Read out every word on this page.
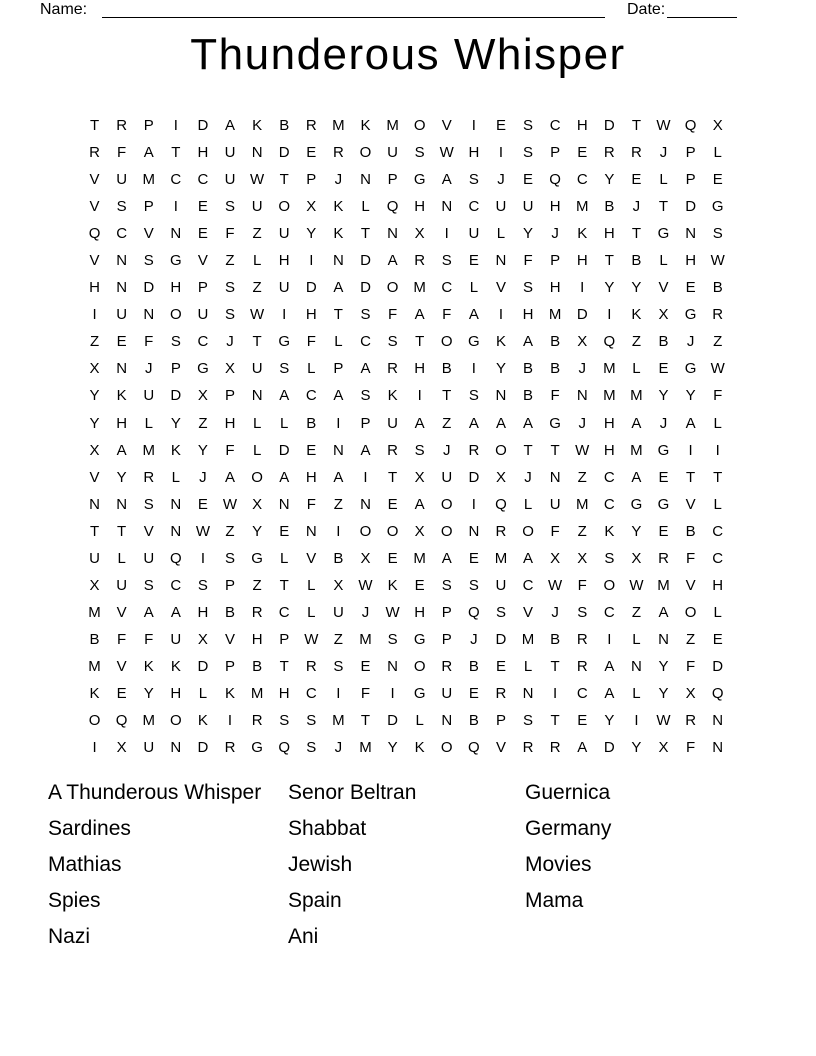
Name:	Date:
Thunderous Whisper
T	R	P	I	D	A	K	B	R	M	K	M	O	V	I	E	S	C	H	D	T	W Q	X
R	F	A	T	H	U	N	D	E	R	O	U	S	W H	I	S	P	E	R	R	J	P	L
V	U	M	C	C	U W	T	P	J	N	P	G	A	S	J	E	Q	C	Y	E	L	P	E
V	S	P	I	E	S	U	O	X	K	L	Q	H	N	C	U	U	H	M	B	J	T	D	G
Q	C	V	N	E	F	Z	U	Y	K	T	N	X	I	U	L	Y	J	K	H	T	G	N	S
V	N	S	G	V	Z	L	H	I	N	D	A	R	S	E	N	F	P	H	T	B	L	H W
H	N	D	H	P	S	Z	U	D	A	D	O	M	C	L	V	S	H	I	Y	Y	V	E	B
I	U	N	O	U	S	W	I	H	T	S	F	A	F	A	I	H	M	D	I	K	X	G	R
Z	E	F	S	C	J	T	G	F	L	C	S	T	O	G	K	A	B	X	Q	Z	B	J	Z
X	N	J	P	G	X	U	S	L	P	A	R	H	B	I	Y	B	B	J	M	L	E	G W
Y	K	U	D	X	P	N	A	C	A	S	K	I	T	S	N	B	F	N	M M	Y	Y	F
Y	H	L	Y	Z	H	L	L	B	I	P	U	A	Z	A	A	A	G	J	H	A	J	A	L
X	A	M	K	Y	F	L	D	E	N	A	R	S	J	R	O	T	T	W H	M	G	I	I
V	Y	R	L	J	A	O	A	H	A	I	T	X	U	D	X	J	N	Z	C	A	E	T	T
N	N	S	N	E	W	X	N	F	Z	N	E	A	O	I	Q	L	U	M	C	G	G	V	L
T	T	V	N W	Z	Y	E	N	I	O	O	X	O	N	R	O	F	Z	K	Y	E	B	C
U	L	U	Q	I	S	G	L	V	B	X	E	M	A	E	M	A	X	X	S	X	R	F	C
X	U	S	C	S	P	Z	T	L	X	W	K	E	S	S	U	C W	F	O W M	V	H
M	V	A	A	H	B	R	C	L	U	J	W H	P	Q	S	V	J	S	C	Z	A	O	L
B	F	F	U	X	V	H	P	W	Z	M	S	G	P	J	D	M	B	R	I	L	N	Z	E
M	V	K	K	D	P	B	T	R	S	E	N	O	R	B	E	L	T	R	A	N	Y	F	D
K	E	Y	H	L	K	M	H	C	I	F	I	G	U	E	R	N	I	C	A	L	Y	X	Q
O	Q	M	O	K	I	R	S	S	M	T	D	L	N	B	P	S	T	E	Y	I	W R	N
I	X	U	N	D	R	G	Q	S	J	M	Y	K	O	Q	V	R	R	A	D	Y	X	F	N
A Thunderous Whisper
Sardines
Mathias
Spies
Nazi
Senor Beltran
Shabbat
Jewish
Spain
Ani
Guernica
Germany
Movies
Mama
